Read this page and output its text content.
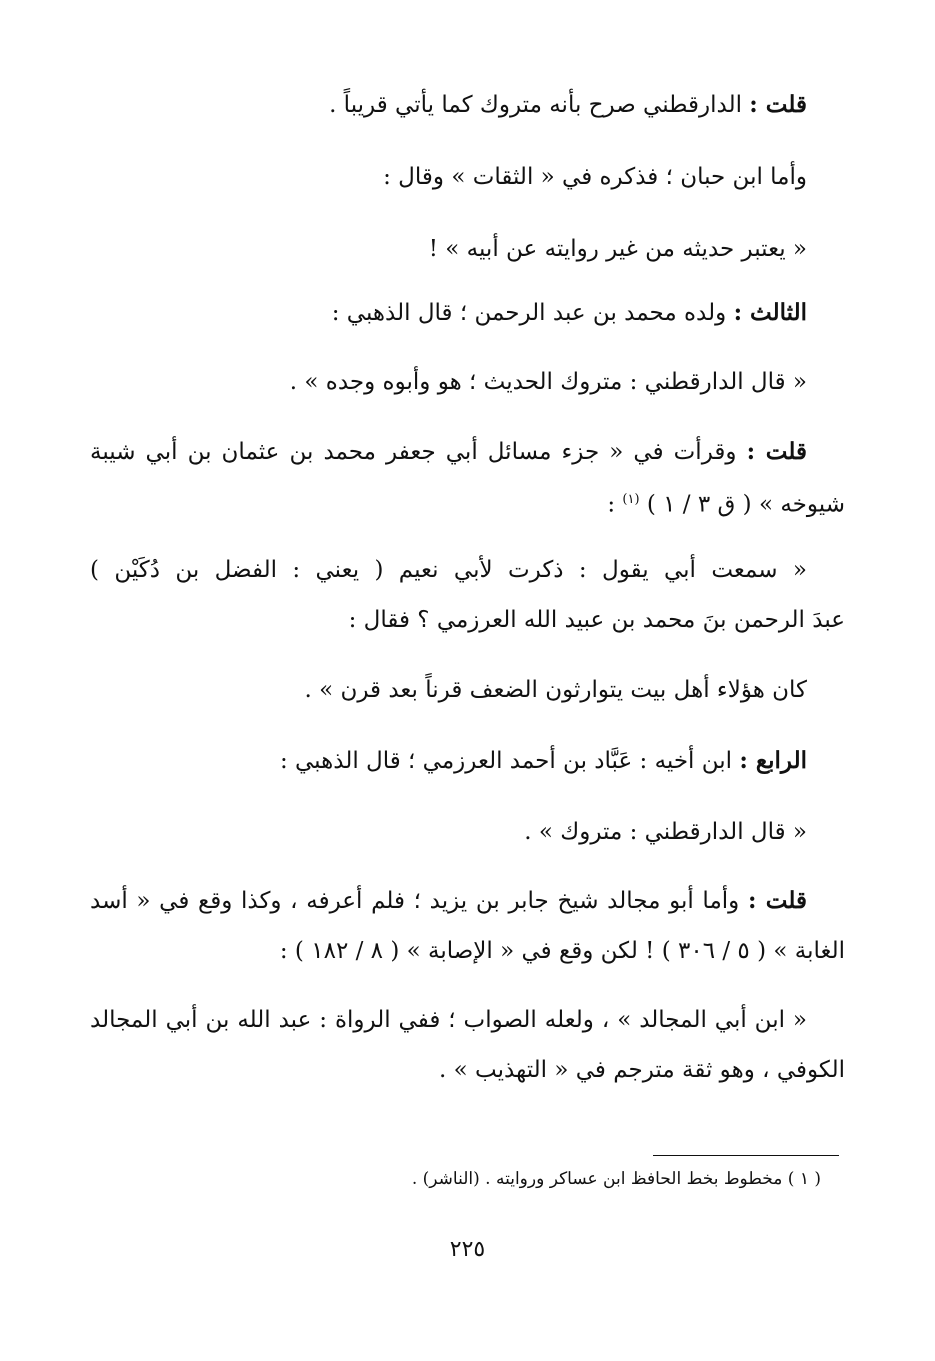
قلت : الدارقطني صرح بأنه متروك كما يأتي قريباً .
وأما ابن حبان ؛ فذكره في « الثقات » وقال :
« يعتبر حديثه من غير روايته عن أبيه » !
الثالث : ولده محمد بن عبد الرحمن ؛ قال الذهبي :
« قال الدارقطني : متروك الحديث ؛ هو وأبوه وجده » .
قلت : وقرأت في « جزء مسائل أبي جعفر محمد بن عثمان بن أبي شيبة
شيوخه » ( ق ٣ / ١ ) $^{(١)}$ :
« سمعت أبي يقول : ذكرت لأبي نعيم ( يعني : الفضل بن دُكَيْن )
عبدَ الرحمن بنَ محمد بن عبيد الله العرزمي ؟ فقال :
كان هؤلاء أهل بيت يتوارثون الضعف قرناً بعد قرن » .
الرابع : ابن أخيه : عَبَّاد بن أحمد العرزمي ؛ قال الذهبي :
« قال الدارقطني : متروك » .
قلت : وأما أبو مجالد شيخ جابر بن يزيد ؛ فلم أعرفه ، وكذا وقع في « أسد
الغابة » ( ٥ / ٣٠٦ ) ! لكن وقع في « الإصابة » ( ٨ / ١٨٢ ) :
« ابن أبي المجالد » ، ولعله الصواب ؛ ففي الرواة : عبد الله بن أبي المجالد
الكوفي ، وهو ثقة مترجم في « التهذيب » .
( ١ ) مخطوط بخط الحافظ ابن عساكر وروايته . (الناشر) .
٢٢٥
